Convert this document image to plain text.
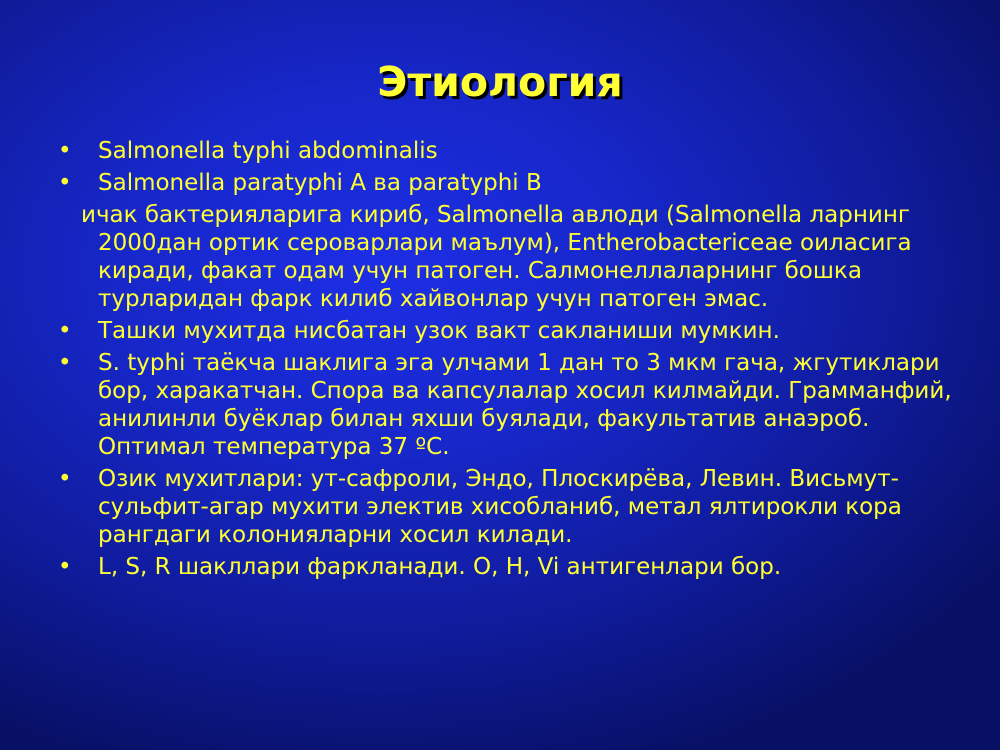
Этиология
• Salmonella typhi abdominalis
• Salmonella paratyphi A ва paratyphi B
ичак бактерияларига кириб, Salmonella авлоди (Salmonella ларнинг 2000дан ортик сероварлари маълум), Entherobactericeae оиласига киради, факат одам учун патоген. Салмонеллаларнинг бошка турларидан фарк килиб хайвонлар учун патоген эмас.
• Ташки мухитда нисбатан узок вакт сакланиши мумкин.
• S. typhi таёкча шаклига эга улчами 1 дан то 3 мкм гача, жгутиклари бор, харакатчан. Спора ва капсулалар хосил килмайди. Грамманфий, анилинли буёклар билан яхши буялади, факультатив анаэроб. Оптимал температура 37 ºС.
• Озик мухитлари: ут-сафроли, Эндо, Плоскирёва, Левин. Висьмут-сульфит-агар мухити электив хисобланиб, метал ялтирокли кора рангдаги колонияларни хосил килади.
• L, S, R шакллари фаркланади. O, H, Vi антигенлари бор.
